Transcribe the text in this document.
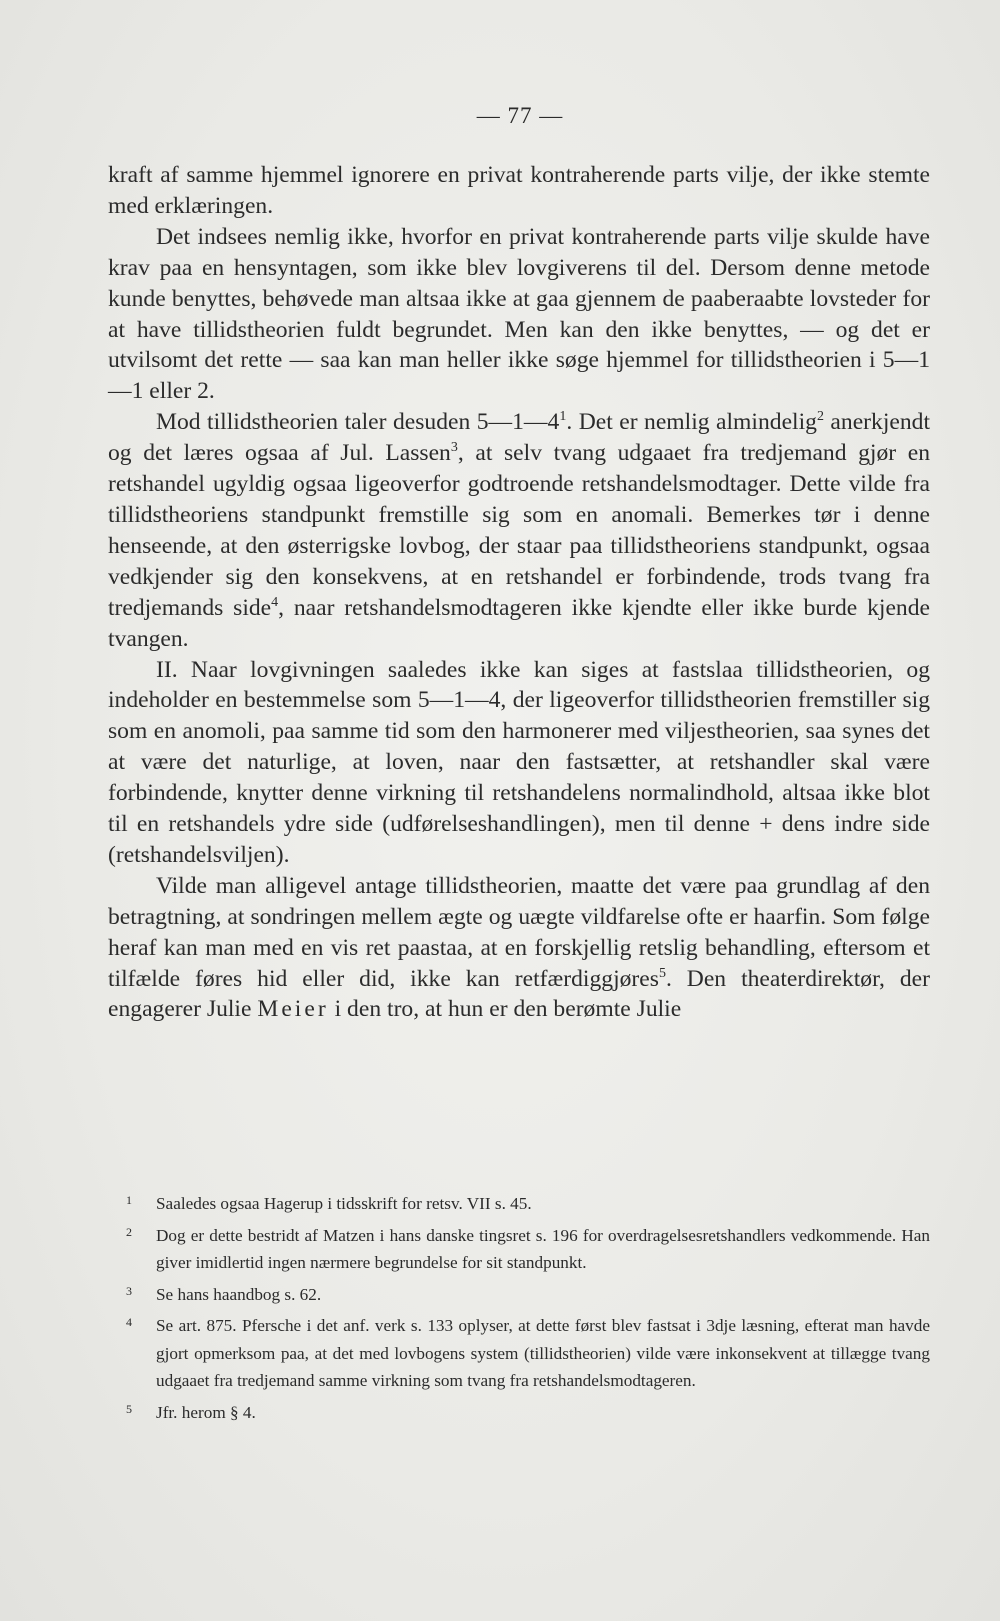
— 77 —

kraft af samme hjemmel ignorere en privat kontraherende parts vilje, der ikke stemte med erklæringen.

Det indsees nemlig ikke, hvorfor en privat kontraherende parts vilje skulde have krav paa en hensyntagen, som ikke blev lovgiverens til del. Dersom denne metode kunde benyttes, behøvede man altsaa ikke at gaa gjennem de paaberaabte lovsteder for at have tillidstheorien fuldt begrundet. Men kan den ikke benyttes, — og det er utvilsomt det rette — saa kan man heller ikke søge hjemmel for tillidstheorien i 5—1—1 eller 2.

Mod tillidstheorien taler desuden $5—1—4^1$. Det er nemlig almindelig$^2$ anerkjendt og det læres ogsaa af Jul. Lassen$^3$, at selv tvang udgaaet fra tredjemand gjør en retshandel ugyldig ogsaa ligeoverfor godtroende retshandelsmodtager. Dette vilde fra tillidstheoriens standpunkt fremstille sig som en anomali. Bemerkes tør i denne henseende, at den østerrigske lovbog, der staar paa tillidstheoriens standpunkt, ogsaa vedkjender sig den konsekvens, at en retshandel er forbindende, trods tvang fra tredjemands side$^4$, naar retshandelsmodtageren ikke kjendte eller ikke burde kjende tvangen.

II. Naar lovgivningen saaledes ikke kan siges at fastslaa tillidstheorien, og indeholder en bestemmelse som 5—1—4, der ligeoverfor tillidstheorien fremstiller sig som en anomoli, paa samme tid som den harmonerer med viljestheorien, saa synes det at være det naturlige, at loven, naar den fastsætter, at retshandler skal være forbindende, knytter denne virkning til retshandelens normalindhold, altsaa ikke blot til en retshandels ydre side (udførelseshandlingen), men til denne + dens indre side (retshandelsviljen).

Vilde man alligevel antage tillidstheorien, maatte det være paa grundlag af den betragtning, at sondringen mellem ægte og uægte vildfarelse ofte er haarfin. Som følge heraf kan man med en vis ret paastaa, at en forskjellig retslig behandling, eftersom et tilfælde føres hid eller did, ikke kan retfærdiggjøres$^5$. Den theaterdirektør, der engagerer Julie Meier i den tro, at hun er den berømte Julie

1 Saaledes ogsaa Hagerup i tidsskrift for retsv. VII s. 45.
2 Dog er dette bestridt af Matzen i hans danske tingsret s. 196 for overdragelsesretshandlers vedkommende. Han giver imidlertid ingen nærmere begrundelse for sit standpunkt.
3 Se hans haandbog s. 62.
4 Se art. 875. Pfersche i det anf. verk s. 133 oplyser, at dette først blev fastsat i 3dje læsning, efterat man havde gjort opmerksom paa, at det med lovbogens system (tillidstheorien) vilde være inkonsekvent at tillægge tvang udgaaet fra tredjemand samme virkning som tvang fra retshandelsmodtageren.
5 Jfr. herom § 4.
